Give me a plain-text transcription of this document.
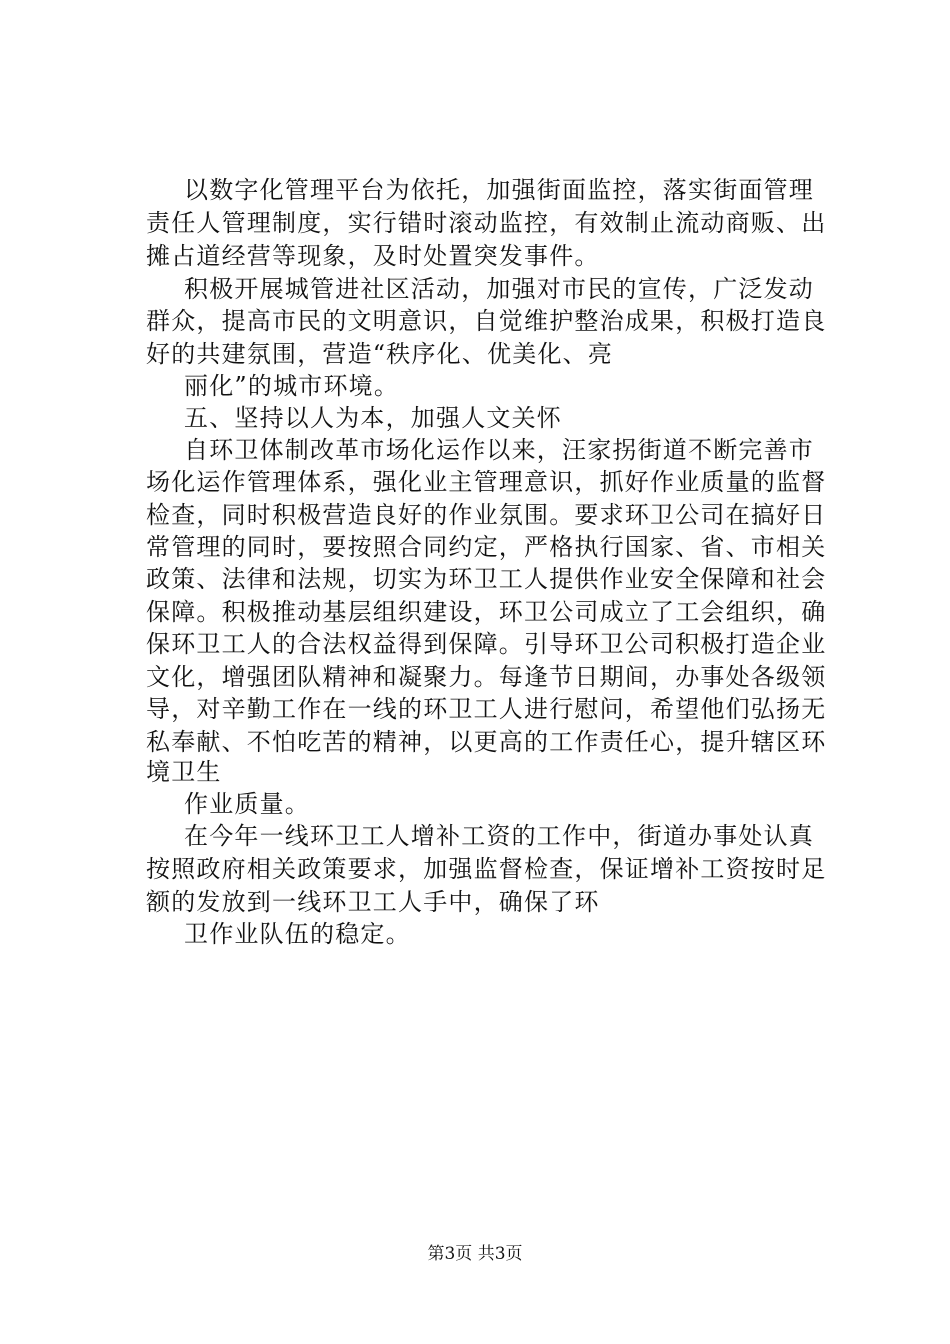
以数字化管理平台为依托，加强街面监控，落实街面管理
责任人管理制度，实行错时滚动监控，有效制止流动商贩、出
摊占道经营等现象，及时处置突发事件。
积极开展城管进社区活动，加强对市民的宣传，广泛发动
群众，提高市民的文明意识，自觉维护整治成果，积极打造良
好的共建氛围，营造“秩序化、优美化、亮
丽化”的城市环境。
五、坚持以人为本，加强人文关怀
自环卫体制改革市场化运作以来，汪家拐街道不断完善市
场化运作管理体系，强化业主管理意识，抓好作业质量的监督
检查，同时积极营造良好的作业氛围。要求环卫公司在搞好日
常管理的同时，要按照合同约定，严格执行国家、省、市相关
政策、法律和法规，切实为环卫工人提供作业安全保障和社会
保障。积极推动基层组织建设，环卫公司成立了工会组织，确
保环卫工人的合法权益得到保障。引导环卫公司积极打造企业
文化，增强团队精神和凝聚力。每逢节日期间，办事处各级领
导，对辛勤工作在一线的环卫工人进行慰问，希望他们弘扬无
私奉献、不怕吃苦的精神，以更高的工作责任心，提升辖区环
境卫生
作业质量。
在今年一线环卫工人增补工资的工作中，街道办事处认真
按照政府相关政策要求，加强监督检查，保证增补工资按时足
额的发放到一线环卫工人手中，确保了环
卫作业队伍的稳定。
第3页 共3页
